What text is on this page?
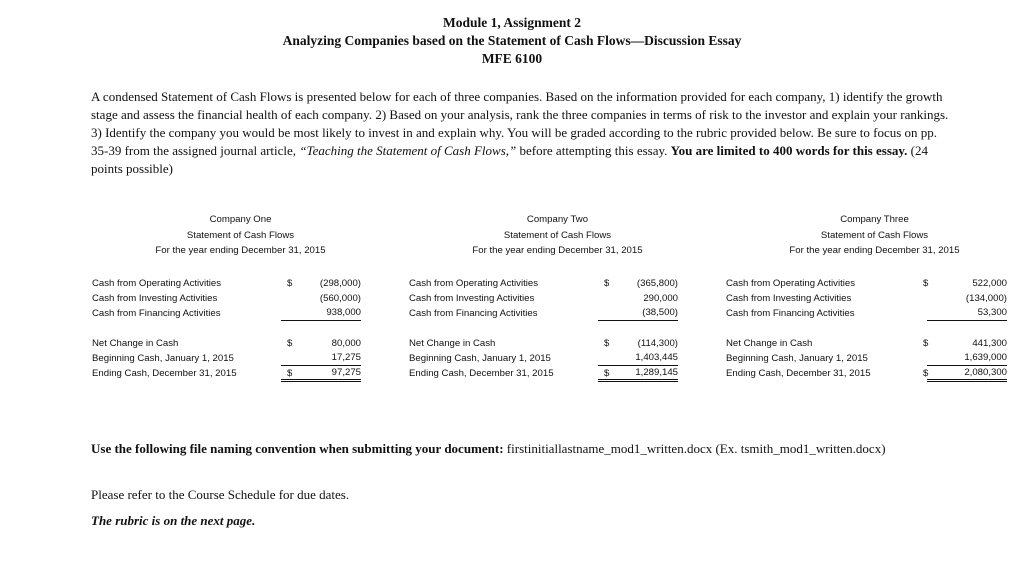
Module 1, Assignment 2
Analyzing Companies based on the Statement of Cash Flows—Discussion Essay
MFE 6100
A condensed Statement of Cash Flows is presented below for each of three companies. Based on the information provided for each company, 1) identify the growth stage and assess the financial health of each company. 2) Based on your analysis, rank the three companies in terms of risk to the investor and explain your rankings. 3) Identify the company you would be most likely to invest in and explain why. You will be graded according to the rubric provided below. Be sure to focus on pp. 35-39 from the assigned journal article, “Teaching the Statement of Cash Flows,” before attempting this essay. You are limited to 400 words for this essay. (24 points possible)
Company One
Statement of Cash Flows
For the year ending December 31, 2015
Cash from Operating Activities	$	(298,000)
Cash from Investing Activities	(560,000)
Cash from Financing Activities	938,000
Net Change in Cash	$	80,000
Beginning Cash, January 1, 2015	17,275
Ending Cash, December 31, 2015	$	97,275
Company Two
Statement of Cash Flows
For the year ending December 31, 2015
Cash from Operating Activities	$	(365,800)
Cash from Investing Activities	290,000
Cash from Financing Activities	(38,500)
Net Change in Cash	$	(114,300)
Beginning Cash, January 1, 2015	1,403,445
Ending Cash, December 31, 2015	$	1,289,145
Company Three
Statement of Cash Flows
For the year ending December 31, 2015
Cash from Operating Activities	$	522,000
Cash from Investing Activities	(134,000)
Cash from Financing Activities	53,300
Net Change in Cash	$	441,300
Beginning Cash, January 1, 2015	1,639,000
Ending Cash, December 31, 2015	$	2,080,300
Use the following file naming convention when submitting your document: firstinitiallastname_mod1_written.docx (Ex. tsmith_mod1_written.docx)
Please refer to the Course Schedule for due dates.
The rubric is on the next page.
